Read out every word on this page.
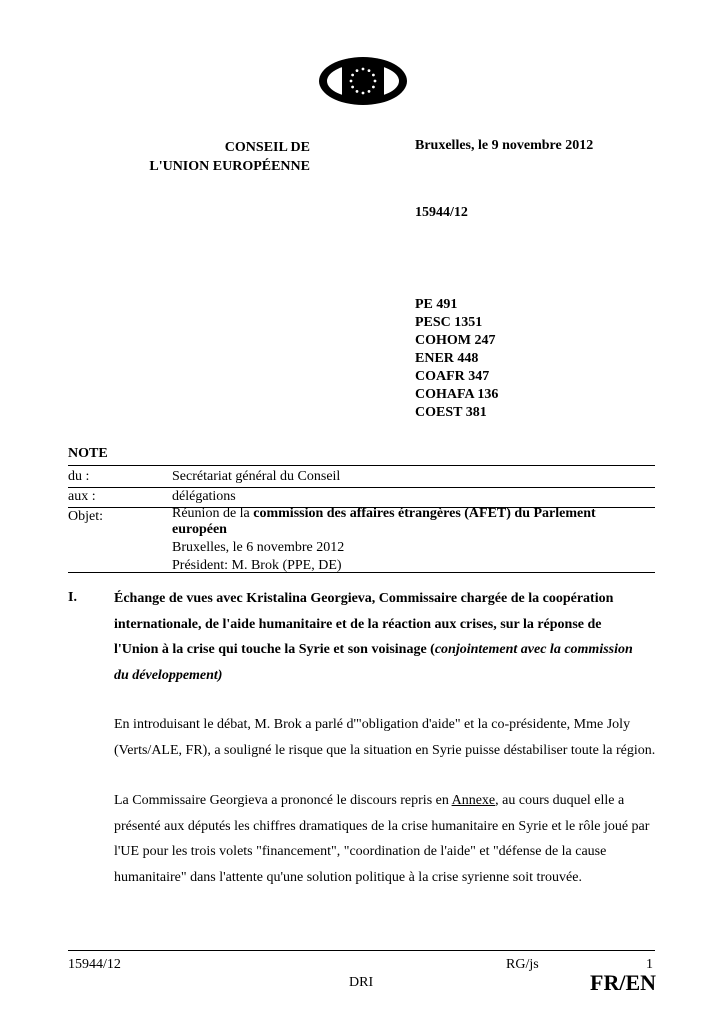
CONSEIL DE
L'UNION EUROPÉENNE
Bruxelles, le 9 novembre 2012
15944/12
PE 491
PESC 1351
COHOM 247
ENER 448
COAFR 347
COHAFA 136
COEST 381
NOTE
du :	Secrétariat général du Conseil
aux :	délégations
Objet:	Réunion de la commission des affaires étrangères (AFET) du Parlement
européen
Bruxelles, le 6 novembre 2012
Président: M. Brok (PPE, DE)
I.	Échange de vues avec Kristalina Georgieva, Commissaire chargée de la coopération
internationale, de l'aide humanitaire et de la réaction aux crises, sur la réponse de
l'Union à la crise qui touche la Syrie et son voisinage (conjointement avec la commission
du développement)
En introduisant le débat, M. Brok a parlé d'"obligation d'aide" et la co-présidente, Mme Joly (Verts/ALE, FR), a souligné le risque que la situation en Syrie puisse déstabiliser toute la région.
La Commissaire Georgieva a prononcé le discours repris en Annexe, au cours duquel elle a présenté aux députés les chiffres dramatiques de la crise humanitaire en Syrie et le rôle joué par l'UE pour les trois volets "financement", "coordination de l'aide" et "défense de la cause humanitaire" dans l'attente qu'une solution politique à la crise syrienne soit trouvée.
15944/12	RG/js	1
DRI	FR/EN
